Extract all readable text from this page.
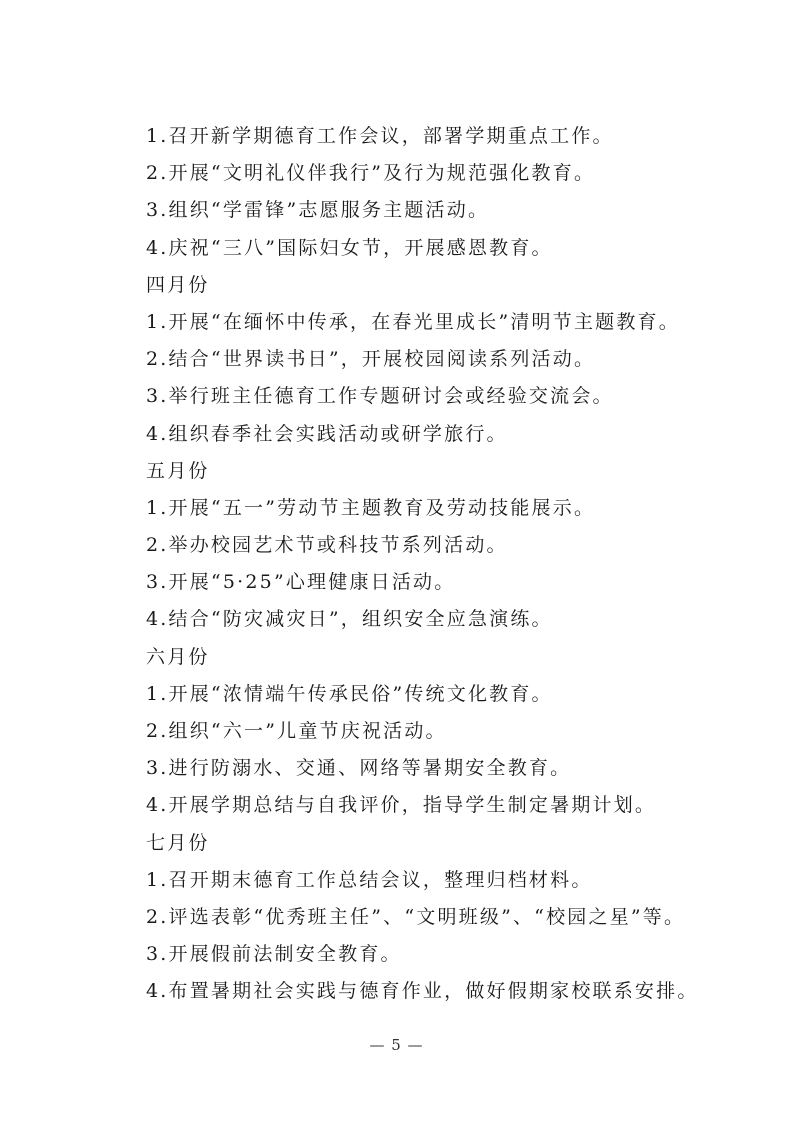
1.召开新学期德育工作会议，部署学期重点工作。
2.开展“文明礼仪伴我行”及行为规范强化教育。
3.组织“学雷锋”志愿服务主题活动。
4.庆祝“三八”国际妇女节，开展感恩教育。
四月份
1.开展“在缅怀中传承，在春光里成长”清明节主题教育。
2.结合“世界读书日”，开展校园阅读系列活动。
3.举行班主任德育工作专题研讨会或经验交流会。
4.组织春季社会实践活动或研学旅行。
五月份
1.开展“五一”劳动节主题教育及劳动技能展示。
2.举办校园艺术节或科技节系列活动。
3.开展“5·25”心理健康日活动。
4.结合“防灾减灾日”，组织安全应急演练。
六月份
1.开展“浓情端午传承民俗”传统文化教育。
2.组织“六一”儿童节庆祝活动。
3.进行防溺水、交通、网络等暑期安全教育。
4.开展学期总结与自我评价，指导学生制定暑期计划。
七月份
1.召开期末德育工作总结会议，整理归档材料。
2.评选表彰“优秀班主任”、“文明班级”、“校园之星”等。
3.开展假前法制安全教育。
4.布置暑期社会实践与德育作业，做好假期家校联系安排。
— 5 —
